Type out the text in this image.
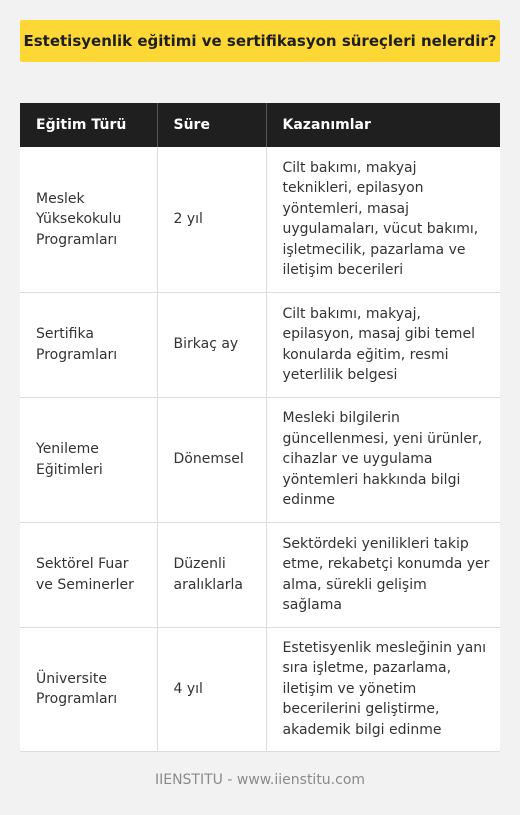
Estetisyenlik eğitimi ve sertifikasyon süreçleri nelerdir?
Eğitim Türü	Süre	Kazanımlar
Meslek Yüksekokulu Programları	2 yıl	Cilt bakımı, makyaj teknikleri, epilasyon yöntemleri, masaj uygulamaları, vücut bakımı, işletmecilik, pazarlama ve iletişim becerileri
Sertifika Programları	Birkaç ay	Cilt bakımı, makyaj, epilasyon, masaj gibi temel konularda eğitim, resmi yeterlilik belgesi
Yenileme Eğitimleri	Dönemsel	Mesleki bilgilerin güncellenmesi, yeni ürünler, cihazlar ve uygulama yöntemleri hakkında bilgi edinme
Sektörel Fuar ve Seminerler	Düzenli aralıklarla	Sektördeki yenilikleri takip etme, rekabetçi konumda yer alma, sürekli gelişim sağlama
Üniversite Programları	4 yıl	Estetisyenlik mesleğinin yanı sıra işletme, pazarlama, iletişim ve yönetim becerilerini geliştirme, akademik bilgi edinme
IIENSTITU - www.iienstitu.com
